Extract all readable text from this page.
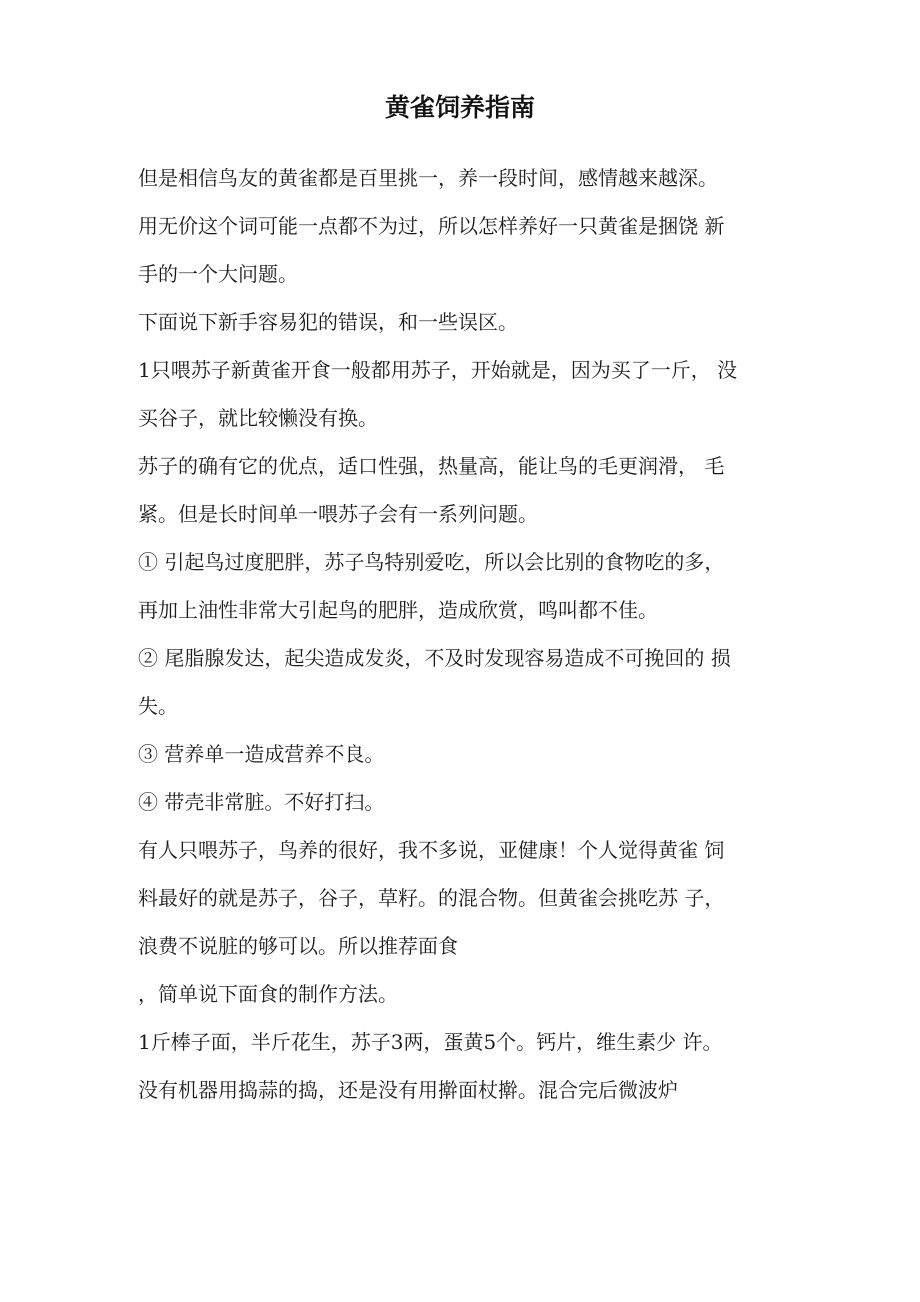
黄雀饲养指南
但是相信鸟友的黄雀都是百里挑一，养一段时间，感情越来越深。
用无价这个词可能一点都不为过，所以怎样养好一只黄雀是捆饶 新
手的一个大问题。
下面说下新手容易犯的错误，和一些误区。
1只喂苏子新黄雀开食一般都用苏子，开始就是，因为买了一斤， 没
买谷子，就比较懒没有换。
苏子的确有它的优点，适口性强，热量高，能让鸟的毛更润滑， 毛
紧。但是长时间单一喂苏子会有一系列问题。
① 引起鸟过度肥胖，苏子鸟特别爱吃，所以会比别的食物吃的多，
再加上油性非常大引起鸟的肥胖，造成欣赏，鸣叫都不佳。
② 尾脂腺发达，起尖造成发炎，不及时发现容易造成不可挽回的 损
失。
③ 营养单一造成营养不良。
④ 带壳非常脏。不好打扫。
有人只喂苏子，鸟养的很好，我不多说，亚健康！个人觉得黄雀 饲
料最好的就是苏子，谷子，草籽。的混合物。但黄雀会挑吃苏 子，
浪费不说脏的够可以。所以推荐面食
，简单说下面食的制作方法。
1斤棒子面，半斤花生，苏子3两，蛋黄5个。钙片，维生素少 许。
没有机器用捣蒜的捣，还是没有用擀面杖擀。混合完后微波炉
